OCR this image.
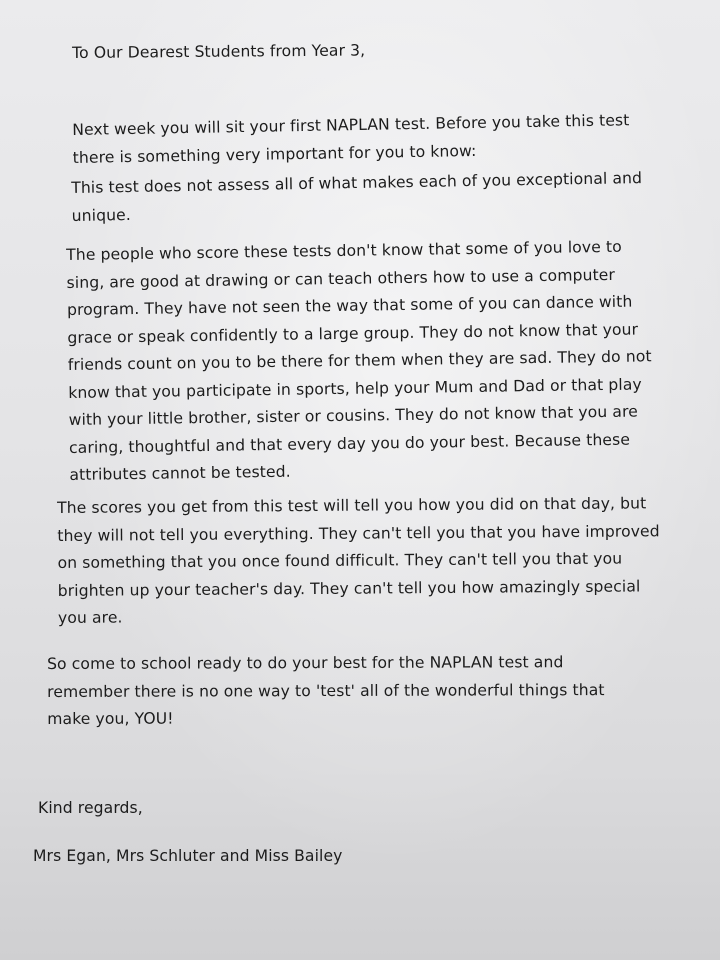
To Our Dearest Students from Year 3,
Next week you will sit your first NAPLAN test. Before you take this test there is something very important for you to know:
This test does not assess all of what makes each of you exceptional and unique.
The people who score these tests don't know that some of you love to sing, are good at drawing or can teach others how to use a computer program. They have not seen the way that some of you can dance with grace or speak confidently to a large group. They do not know that your friends count on you to be there for them when they are sad. They do not know that you participate in sports, help your Mum and Dad or that play with your little brother, sister or cousins. They do not know that you are caring, thoughtful and that every day you do your best. Because these attributes cannot be tested.
The scores you get from this test will tell you how you did on that day, but they will not tell you everything. They can't tell you that you have improved on something that you once found difficult. They can't tell you that you brighten up your teacher's day. They can't tell you how amazingly special you are.
So come to school ready to do your best for the NAPLAN test and remember there is no one way to 'test' all of the wonderful things that make you, YOU!
Kind regards,
Mrs Egan, Mrs Schluter and Miss Bailey
